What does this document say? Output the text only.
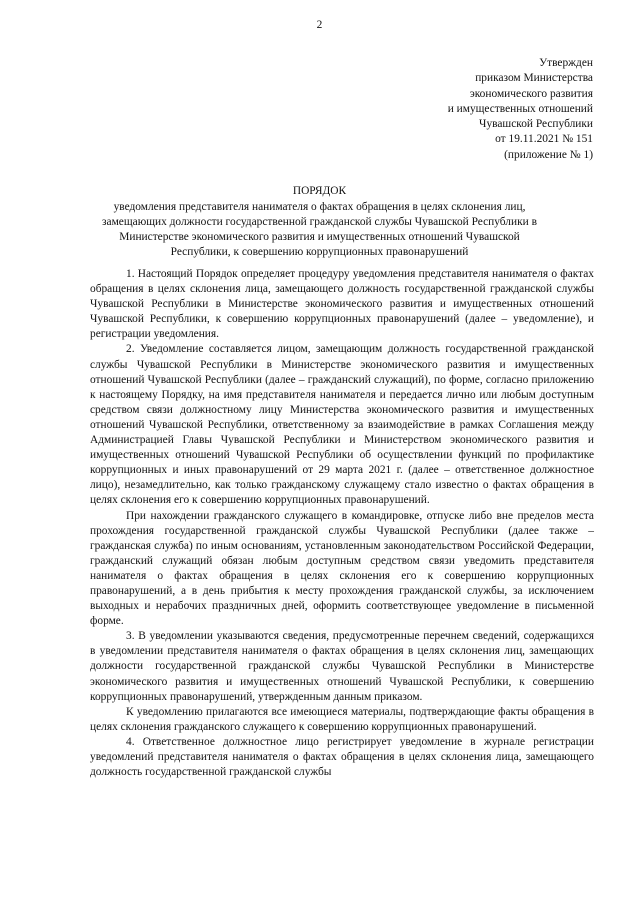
2
Утвержден
приказом Министерства
экономического развития
и имущественных отношений
Чувашской Республики
от 19.11.2021 № 151
(приложение № 1)
ПОРЯДОК
уведомления представителя нанимателя о фактах обращения в целях склонения лиц,
замещающих должности государственной гражданской службы Чувашской Республики в
Министерстве экономического развития и имущественных отношений Чувашской
Республики, к совершению коррупционных правонарушений

1. Настоящий Порядок определяет процедуру уведомления представителя нанимателя о фактах обращения в целях склонения лица, замещающего должность государственной гражданской службы Чувашской Республики в Министерстве экономического развития и имущественных отношений Чувашской Республики, к совершению коррупционных правонарушений (далее – уведомление), и регистрации уведомления.

2. Уведомление составляется лицом, замещающим должность государственной гражданской службы Чувашской Республики в Министерстве экономического развития и имущественных отношений Чувашской Республики (далее – гражданский служащий), по форме, согласно приложению к настоящему Порядку, на имя представителя нанимателя и передается лично или любым доступным средством связи должностному лицу Министерства экономического развития и имущественных отношений Чувашской Республики, ответственному за взаимодействие в рамках Соглашения между Администрацией Главы Чувашской Республики и Министерством экономического развития и имущественных отношений Чувашской Республики об осуществлении функций по профилактике коррупционных и иных правонарушений от 29 марта 2021 г. (далее – ответственное должностное лицо), незамедлительно, как только гражданскому служащему стало известно о фактах обращения в целях склонения его к совершению коррупционных правонарушений.

При нахождении гражданского служащего в командировке, отпуске либо вне пределов места прохождения государственной гражданской службы Чувашской Республики (далее также – гражданская служба) по иным основаниям, установленным законодательством Российской Федерации, гражданский служащий обязан любым доступным средством связи уведомить представителя нанимателя о фактах обращения в целях склонения его к совершению коррупционных правонарушений, а в день прибытия к месту прохождения гражданской службы, за исключением выходных и нерабочих праздничных дней, оформить соответствующее уведомление в письменной форме.

3. В уведомлении указываются сведения, предусмотренные перечнем сведений, содержащихся в уведомлении представителя нанимателя о фактах обращения в целях склонения лиц, замещающих должности государственной гражданской службы Чувашской Республики в Министерстве экономического развития и имущественных отношений Чувашской Республики, к совершению коррупционных правонарушений, утвержденным данным приказом.

К уведомлению прилагаются все имеющиеся материалы, подтверждающие факты обращения в целях склонения гражданского служащего к совершению коррупционных правонарушений.

4. Ответственное должностное лицо регистрирует уведомление в журнале регистрации уведомлений представителя нанимателя о фактах обращения в целях склонения лица, замещающего должность государственной гражданской службы
